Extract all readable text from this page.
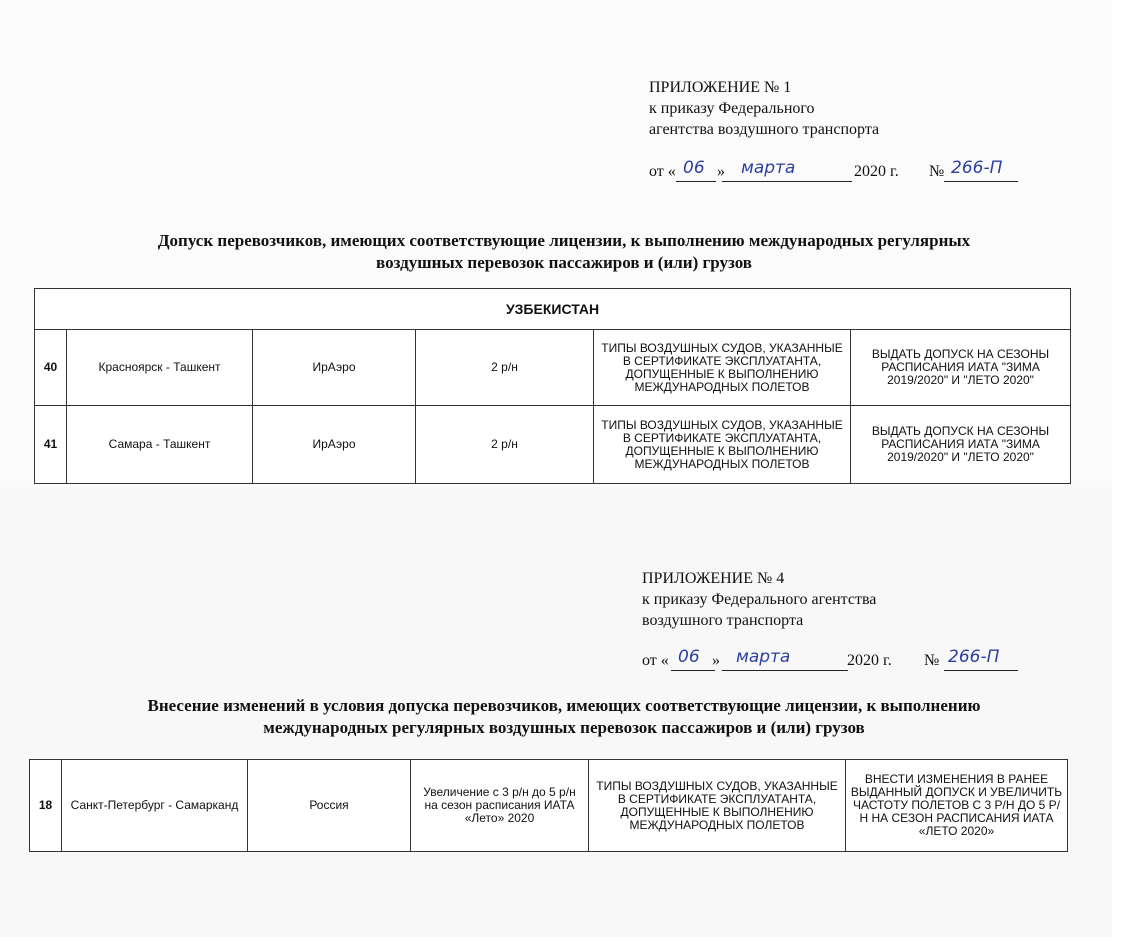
ПРИЛОЖЕНИЕ № 1
к приказу Федерального
агентства воздушного транспорта
от « 06 » марта	2020 г. № 266-П
Допуск перевозчиков, имеющих соответствующие лицензии, к выполнению международных регулярных
воздушных перевозок пассажиров и (или) грузов
УЗБЕКИСТАН					
40	Красноярск - Ташкент	ИрАэро	2 р/н	ТИПЫ ВОЗДУШНЫХ СУДОВ, УКАЗАННЫЕ В СЕРТИФИКАТЕ ЭКСПЛУАТАНТА, ДОПУЩЕННЫЕ К ВЫПОЛНЕНИЮ МЕЖДУНАРОДНЫХ ПОЛЕТОВ	ВЫДАТЬ ДОПУСК НА СЕЗОНЫ РАСПИСАНИЯ ИАТА "ЗИМА 2019/2020" И "ЛЕТО 2020"
41	Самара - Ташкент	ИрАэро	2 р/н	ТИПЫ ВОЗДУШНЫХ СУДОВ, УКАЗАННЫЕ В СЕРТИФИКАТЕ ЭКСПЛУАТАНТА, ДОПУЩЕННЫЕ К ВЫПОЛНЕНИЮ МЕЖДУНАРОДНЫХ ПОЛЕТОВ	ВЫДАТЬ ДОПУСК НА СЕЗОНЫ РАСПИСАНИЯ ИАТА "ЗИМА 2019/2020" И "ЛЕТО 2020"
ПРИЛОЖЕНИЕ № 4
к приказу Федерального агентства
воздушного транспорта
от « 06 » марта	2020 г. № 266-П
Внесение изменений в условия допуска перевозчиков, имеющих соответствующие лицензии, к выполнению
международных регулярных воздушных перевозок пассажиров и (или) грузов
18	Санкт-Петербург - Самарканд	Россия	Увеличение с 3 р/н до 5 р/н на сезон расписания ИАТА «Лето» 2020	ТИПЫ ВОЗДУШНЫХ СУДОВ, УКАЗАННЫЕ В СЕРТИФИКАТЕ ЭКСПЛУАТАНТА, ДОПУЩЕННЫЕ К ВЫПОЛНЕНИЮ МЕЖДУНАРОДНЫХ ПОЛЕТОВ	ВНЕСТИ ИЗМЕНЕНИЯ В РАНЕЕ ВЫДАННЫЙ ДОПУСК И УВЕЛИЧИТЬ ЧАСТОТУ ПОЛЕТОВ С 3 Р/Н ДО 5 Р/Н НА СЕЗОН РАСПИСАНИЯ ИАТА «ЛЕТО 2020»
